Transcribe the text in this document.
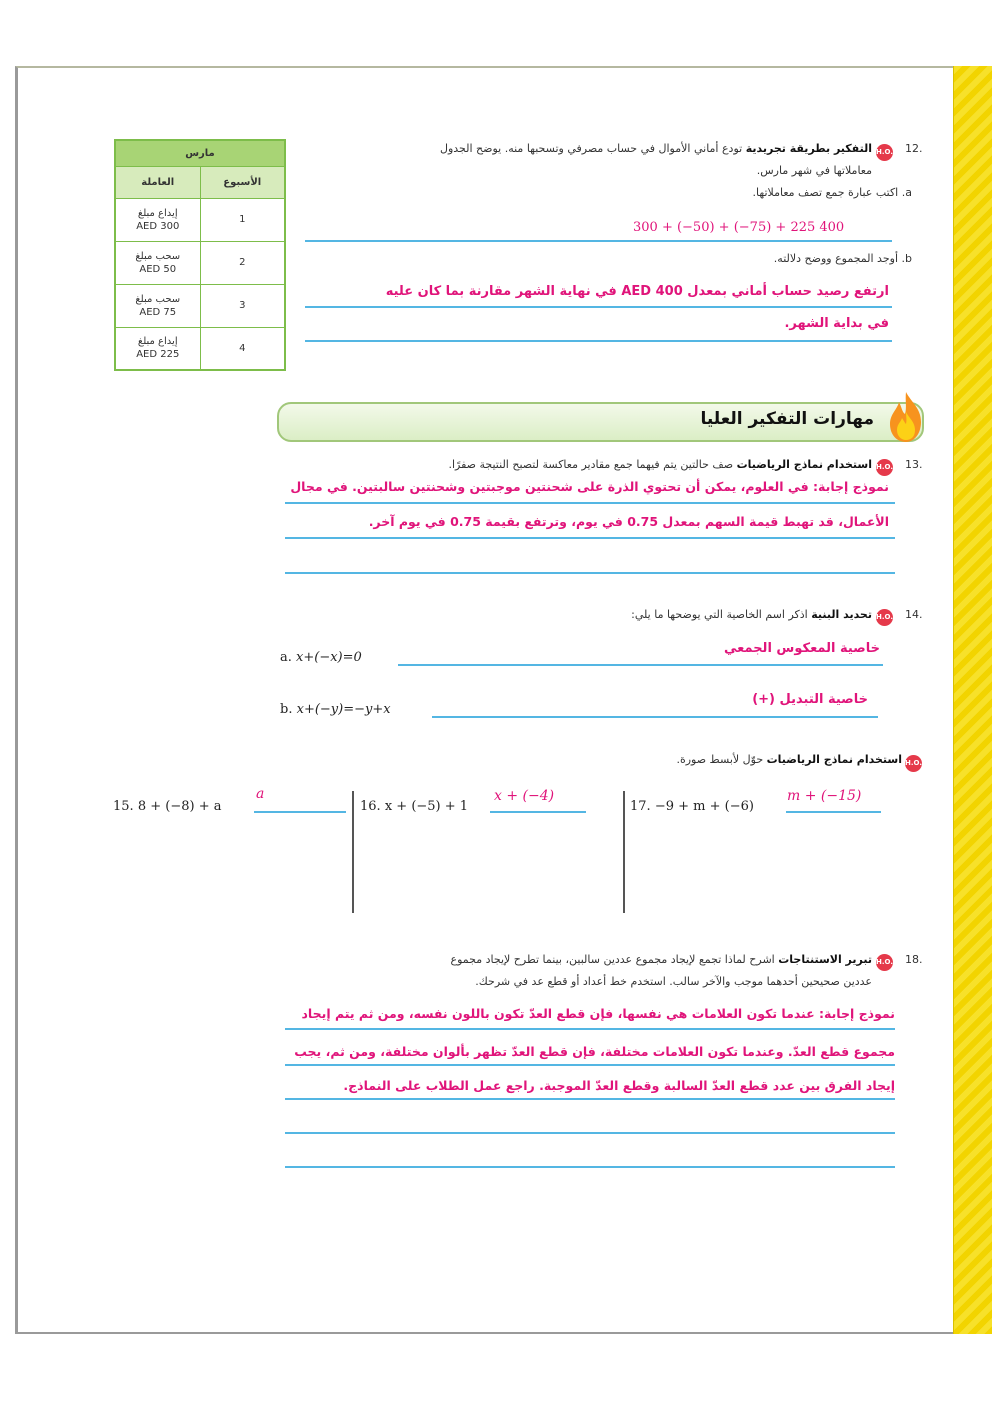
مارس	
العاملة	الأسبوع

إيداع مبلغ
AED 300	1

سحب مبلغ
AED 50	2

سحب مبلغ
AED 75	3

إيداع مبلغ
AED 225	4
12.
H.O.T.
التفكير بطريقة تجريدية تودع أماني الأموال في حساب مصرفي وتسحبها منه. يوضح الجدول
معاملاتها في شهر مارس.
a. اكتب عبارة جمع تصف معاملاتها.
300 + (−50) + (−75) + 225 400
b. أوجد المجموع ووضح دلالته.
ارتفع رصيد حساب أماني بمعدل AED 400 في نهاية الشهر مقارنة بما كان عليه
في بداية الشهر.
مهارات التفكير العليا
13.
H.O.T.
استخدام نماذج الرياضيات صف حالتين يتم فيهما جمع مقادير معاكسة لتصبح النتيجة صفرًا.
نموذج إجابة: في العلوم، يمكن أن تحتوي الذرة على شحنتين موجبتين وشحنتين سالبتين. في مجال
الأعمال، قد تهبط قيمة السهم بمعدل 0.75 في يوم، وترتفع بقيمة 0.75 في يوم آخر.
14.
H.O.T.
تحديد البنية اذكر اسم الخاصية التي يوضحها ما يلي:
a. x+(−x)=0
خاصية المعكوس الجمعي
b. x+(−y)=−y+x
خاصية التبديل (+)
H.O.T.
استخدام نماذج الرياضيات حوّل لأبسط صورة.
15. 8 + (−8) + a
a
16. x + (−5) + 1
x + (−4)
17. −9 + m + (−6)
m + (−15)
18.
H.O.T.
تبرير الاستنتاجات اشرح لماذا تجمع لإيجاد مجموع عددين سالبين، بينما تطرح لإيجاد مجموع
عددين صحيحين أحدهما موجب والآخر سالب. استخدم خط أعداد أو قطع عد في شرحك.
نموذج إجابة: عندما تكون العلامات هي نفسها، فإن قطع العدّ تكون باللون نفسه، ومن ثم يتم إيجاد
مجموع قطع العدّ. وعندما تكون العلامات مختلفة، فإن قطع العدّ تظهر بألوان مختلفة، ومن ثم، يجب
إيجاد الفرق بين عدد قطع العدّ السالبة وقطع العدّ الموجبة. راجع عمل الطلاب على النماذج.
